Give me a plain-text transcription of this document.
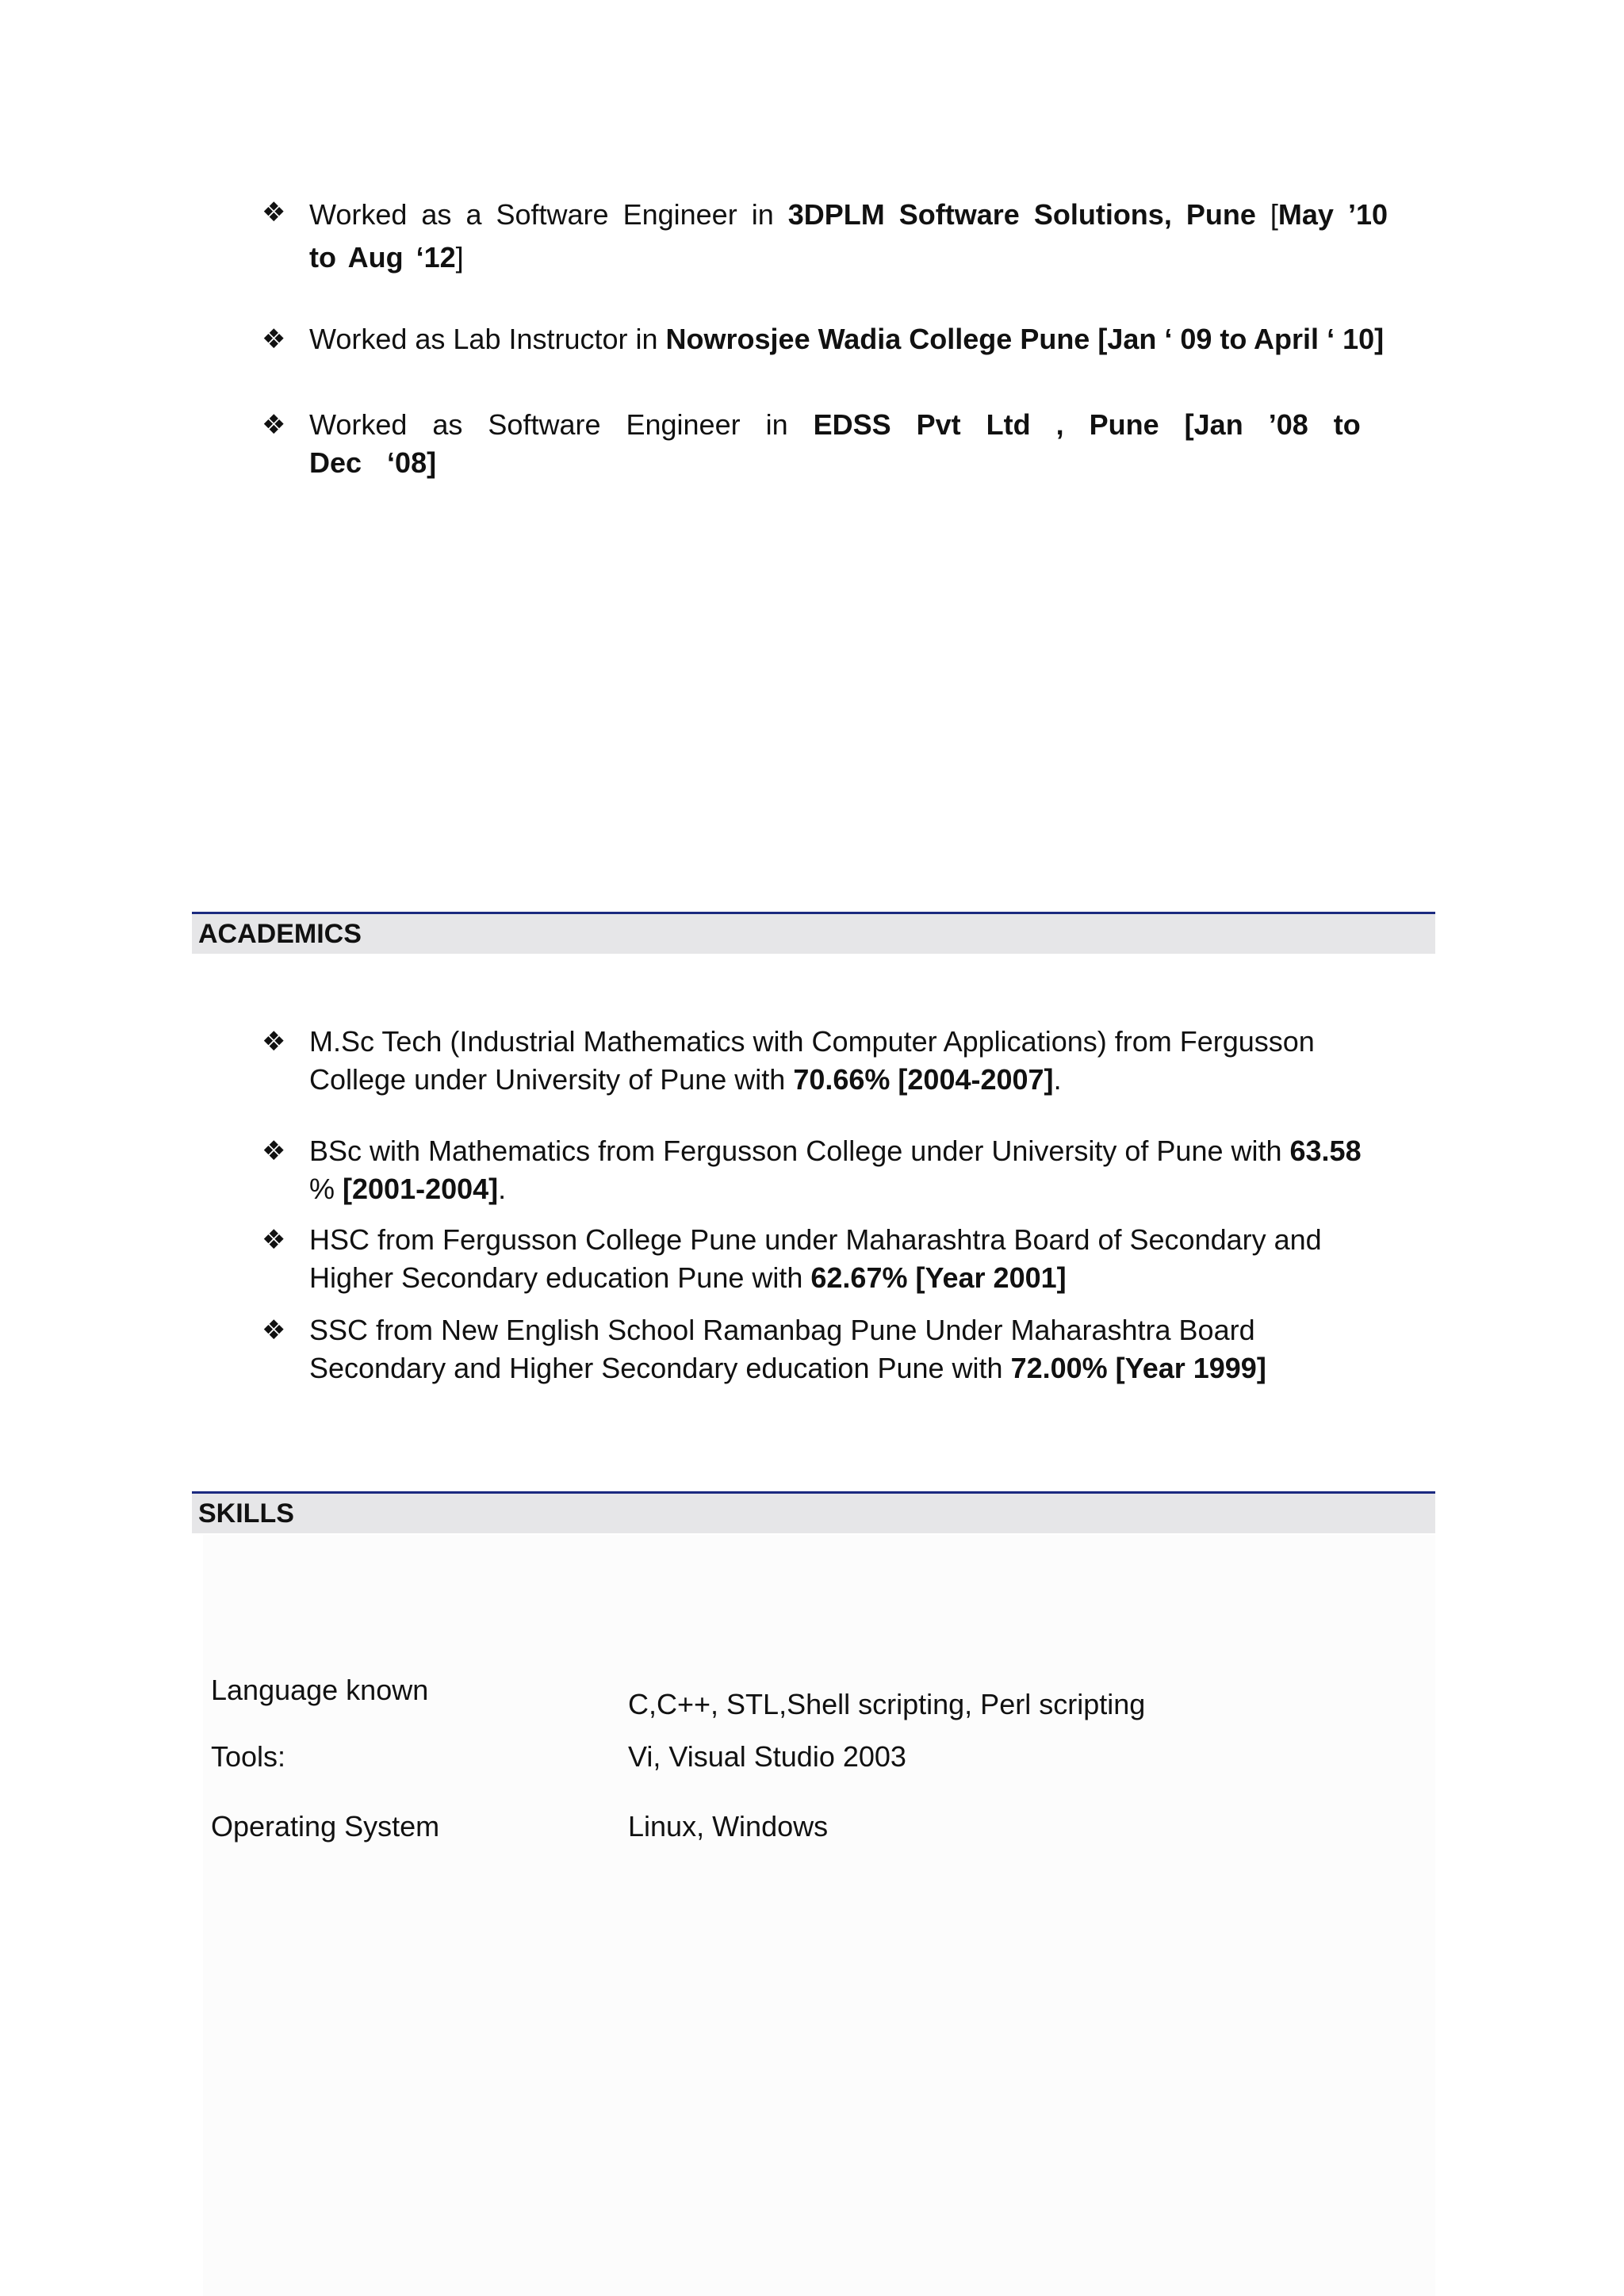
❖ Worked as a Software Engineer in 3DPLM Software Solutions, Pune [May ’10 to Aug ‘12]
❖ Worked as Lab Instructor in Nowrosjee Wadia College Pune [Jan ‘ 09 to April ‘ 10]
❖ Worked as Software Engineer in EDSS Pvt Ltd , Pune [Jan ’08 to Dec ‘08]
ACADEMICS
❖ M.Sc Tech (Industrial Mathematics with Computer Applications) from Fergusson College under University of Pune with 70.66% [2004-2007].
❖ BSc with Mathematics from Fergusson College under University of Pune with 63.58 % [2001-2004].
❖ HSC from Fergusson College Pune under Maharashtra Board of Secondary and Higher Secondary education Pune with 62.67% [Year 2001]
❖ SSC from New English School Ramanbag Pune Under Maharashtra Board Secondary and Higher Secondary education Pune with 72.00% [Year 1999]
SKILLS
Language known	C,C++, STL,Shell scripting, Perl scripting
Tools:	Vi, Visual Studio 2003
Operating System	Linux, Windows
